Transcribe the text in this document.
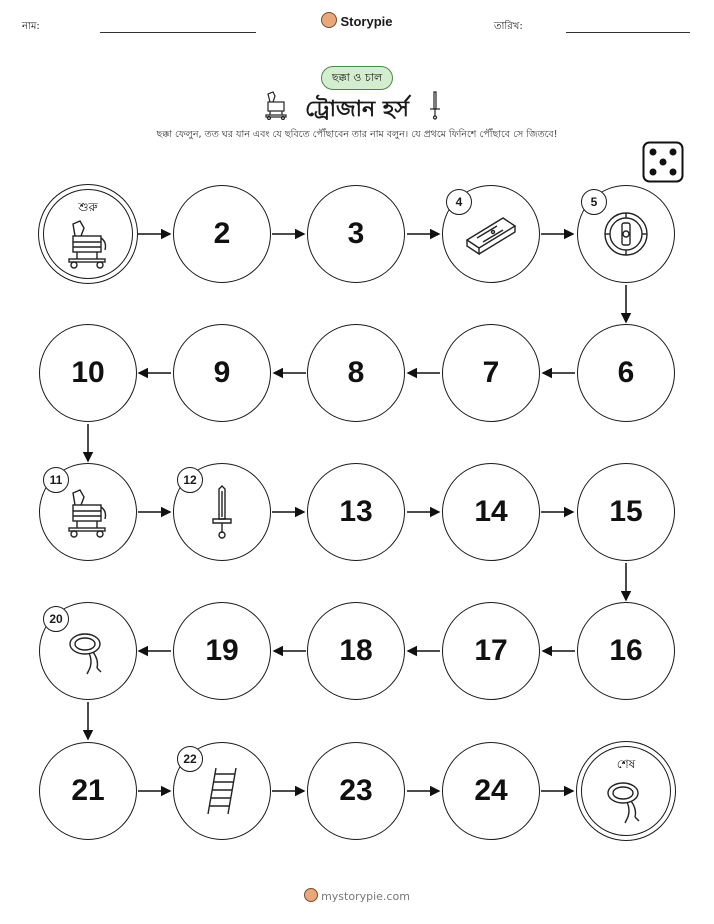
নাম:	Storypie	তারিখ:
ছক্কা ও চাল
ট্রোজান হর্স
ছক্কা ফেলুন, তত ঘর যান এবং যে ছবিতে পৌঁছাবেন তার নাম বলুন। যে প্রথমে ফিনিশে পৌঁছাবে সে জিতবে!
শুরু
2	3
4	5
6
7
8
9
10
11	12
13	14	15
16
17
18
19
20
21
22
23	24
শেষ
mystorypie.com
